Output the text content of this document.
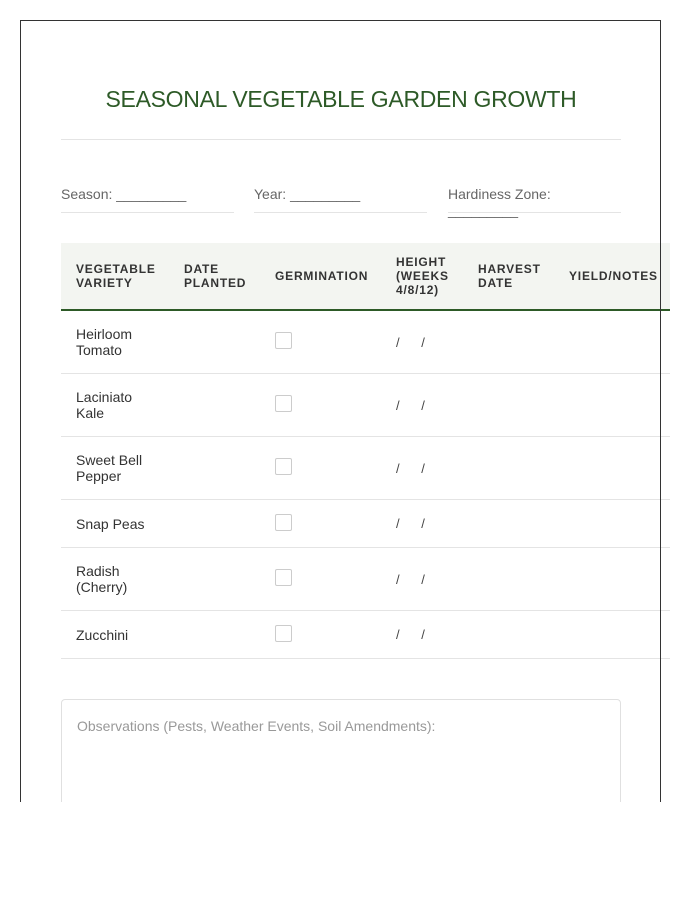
SEASONAL VEGETABLE GARDEN GROWTH
Season: _________	Year: _________	Hardiness Zone: _________
VEGETABLE VARIETY	DATE PLANTED	GERMINATION	HEIGHT (WEEKS 4/8/12)	HARVEST DATE	YIELD/NOTES
Heirloom Tomato			/ /		
Laciniato Kale			/ /		
Sweet Bell Pepper			/ /		
Snap Peas			/ /		
Radish (Cherry)			/ /		
Zucchini			/ /		
Observations (Pests, Weather Events, Soil Amendments):
